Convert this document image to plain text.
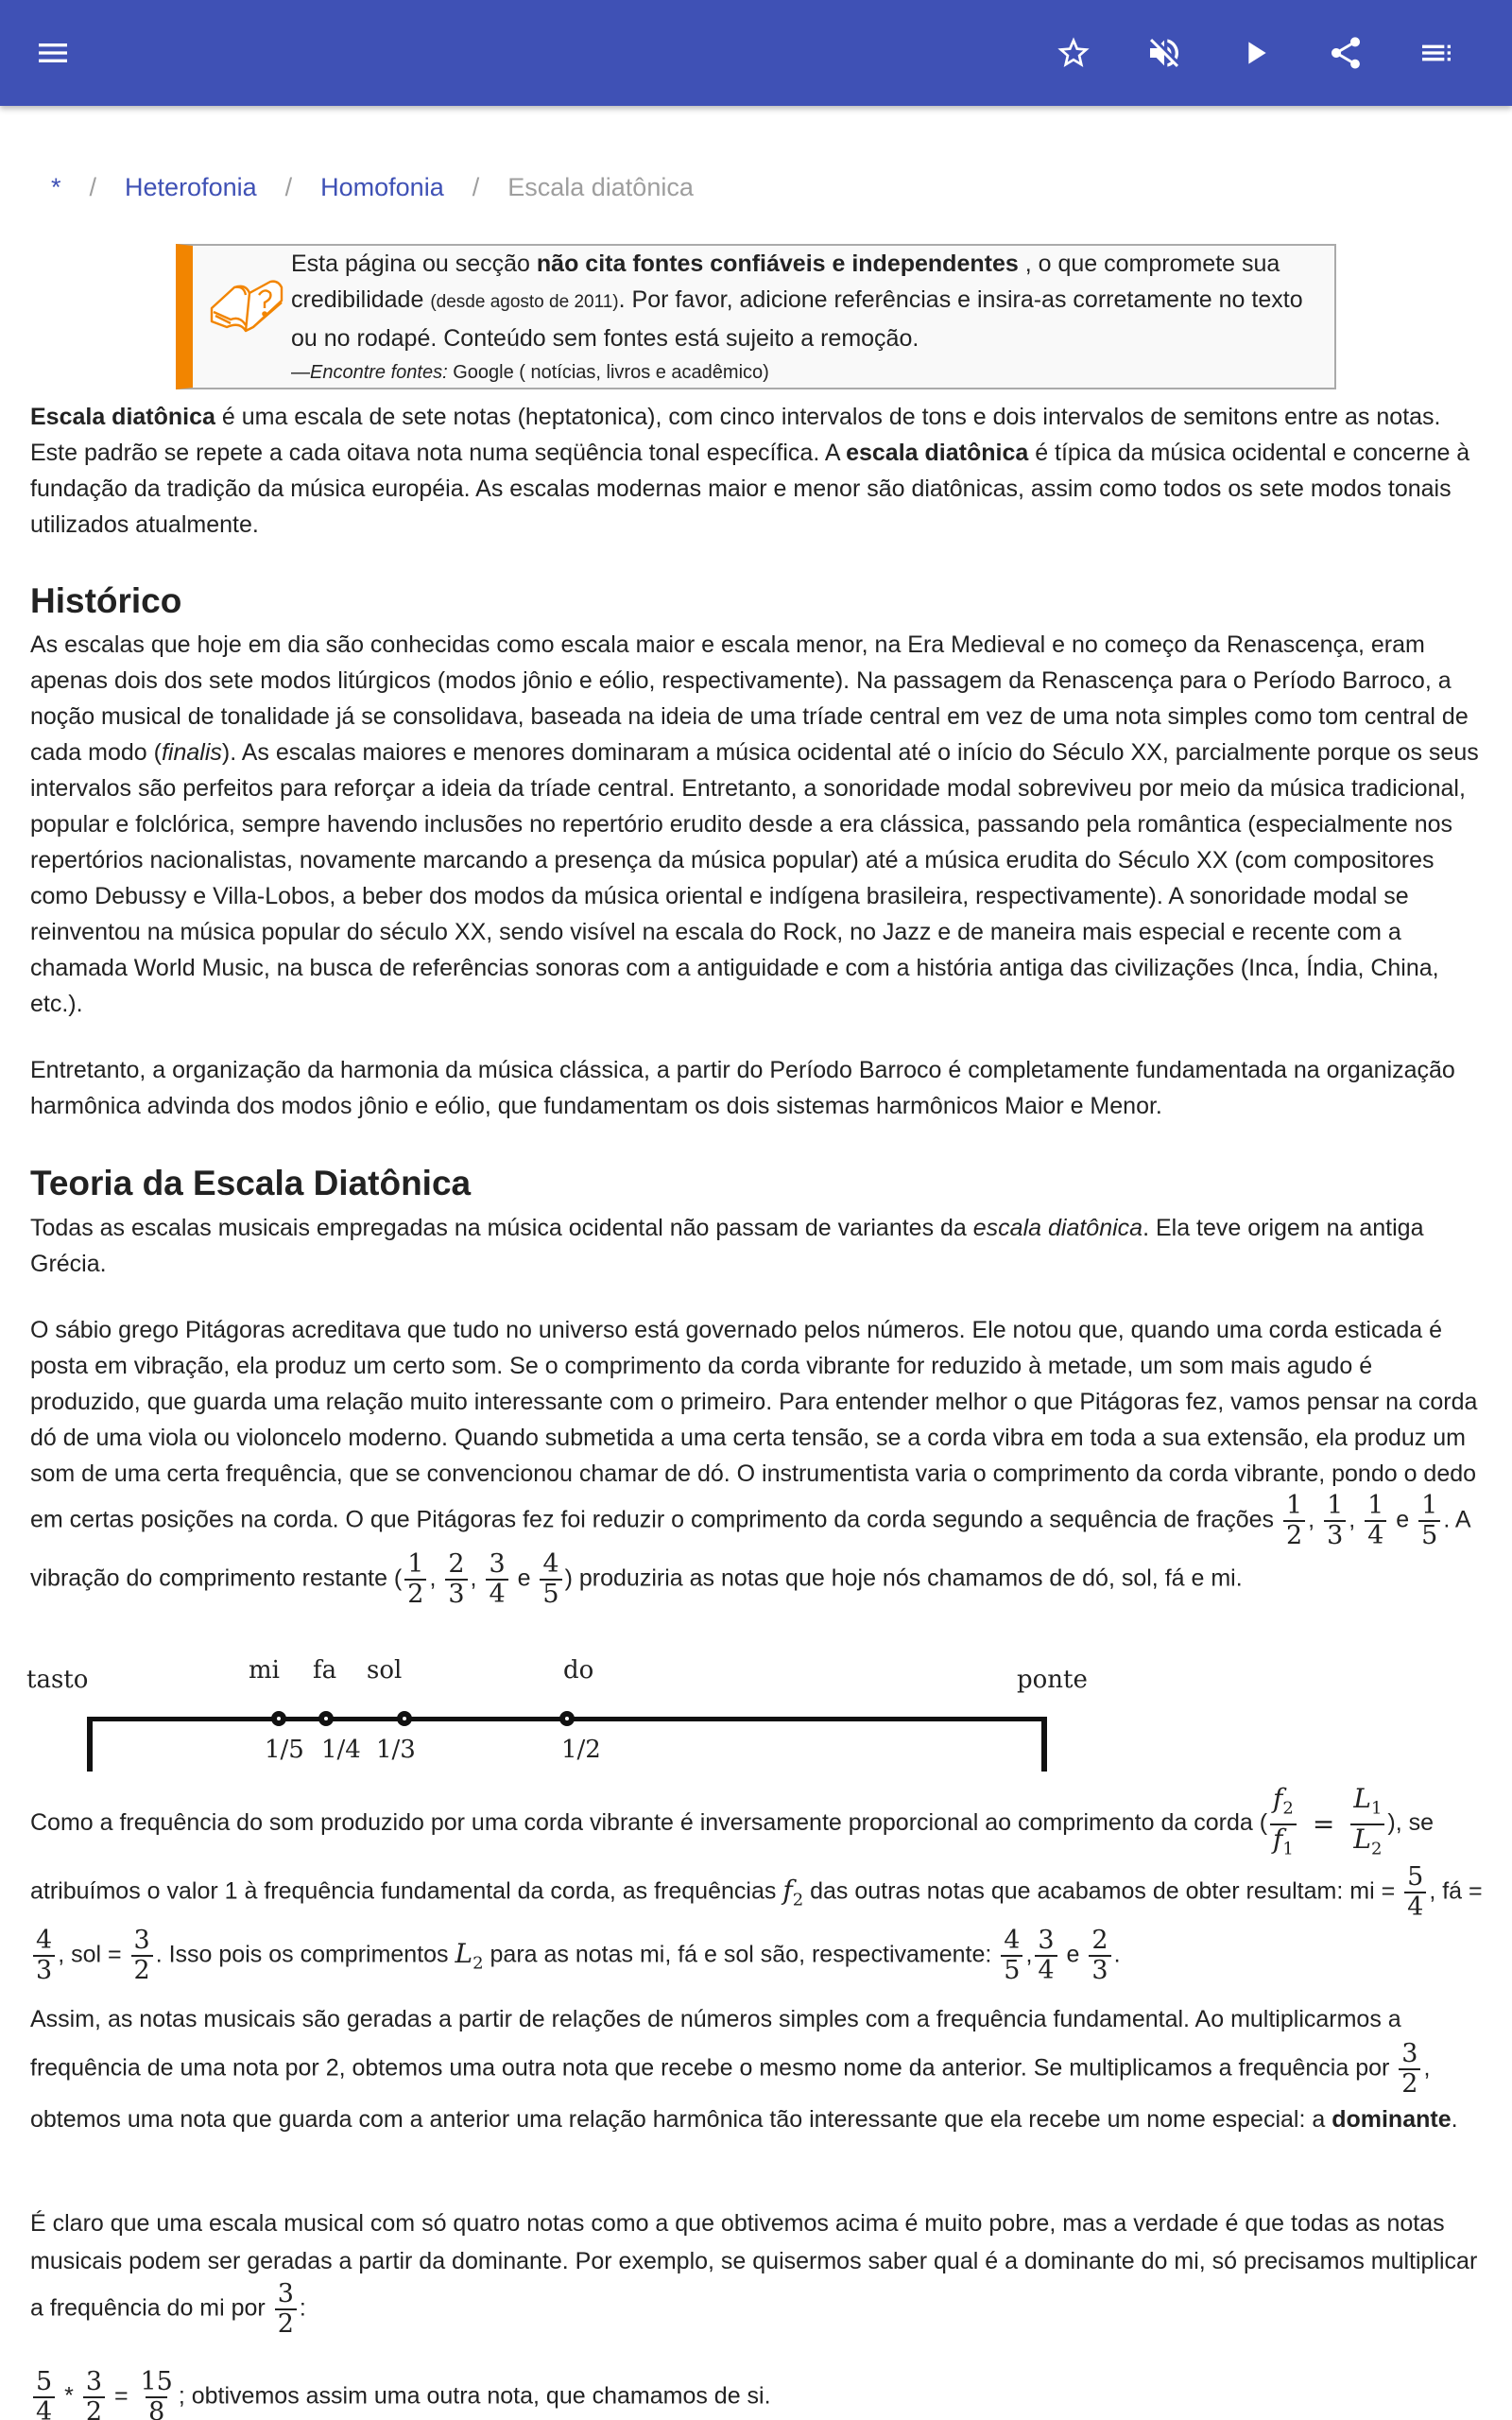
* / Heterofonia / Homofonia / Escala diatônica
Esta página ou secção não cita fontes confiáveis e independentes , o que compromete sua credibilidade (desde agosto de 2011). Por favor, adicione referências e insira-as corretamente no texto ou no rodapé. Conteúdo sem fontes está sujeito a remoção.
—Encontre fontes: Google ( notícias, livros e acadêmico)

Escala diatônica é uma escala de sete notas (heptatonica), com cinco intervalos de tons e dois intervalos de semitons entre as notas. Este padrão se repete a cada oitava nota numa seqüência tonal específica. A escala diatônica é típica da música ocidental e concerne à fundação da tradição da música européia. As escalas modernas maior e menor são diatônicas, assim como todos os sete modos tonais utilizados atualmente.

Histórico

As escalas que hoje em dia são conhecidas como escala maior e escala menor, na Era Medieval e no começo da Renascença, eram apenas dois dos sete modos litúrgicos (modos jônio e eólio, respectivamente). Na passagem da Renascença para o Período Barroco, a noção musical de tonalidade já se consolidava, baseada na ideia de uma tríade central em vez de uma nota simples como tom central de cada modo (finalis). As escalas maiores e menores dominaram a música ocidental até o início do Século XX, parcialmente porque os seus intervalos são perfeitos para reforçar a ideia da tríade central. Entretanto, a sonoridade modal sobreviveu por meio da música tradicional, popular e folclórica, sempre havendo inclusões no repertório erudito desde a era clássica, passando pela romântica (especialmente nos repertórios nacionalistas, novamente marcando a presença da música popular) até a música erudita do Século XX (com compositores como Debussy e Villa-Lobos, a beber dos modos da música oriental e indígena brasileira, respectivamente). A sonoridade modal se reinventou na música popular do século XX, sendo visível na escala do Rock, no Jazz e de maneira mais especial e recente com a chamada World Music, na busca de referências sonoras com a antiguidade e com a história antiga das civilizações (Inca, Índia, China, etc.).

Entretanto, a organização da harmonia da música clássica, a partir do Período Barroco é completamente fundamentada na organização harmônica advinda dos modos jônio e eólio, que fundamentam os dois sistemas harmônicos Maior e Menor.

Teoria da Escala Diatônica

Todas as escalas musicais empregadas na música ocidental não passam de variantes da escala diatônica. Ela teve origem na antiga Grécia.

O sábio grego Pitágoras acreditava que tudo no universo está governado pelos números. Ele notou que, quando uma corda esticada é posta em vibração, ela produz um certo som. Se o comprimento da corda vibrante for reduzido à metade, um som mais agudo é produzido, que guarda uma relação muito interessante com o primeiro. Para entender melhor o que Pitágoras fez, vamos pensar na corda dó de uma viola ou violoncelo moderno. Quando submetida a uma certa tensão, se a corda vibra em toda a sua extensão, ela produz um som de uma certa frequência, que se convencionou chamar de dó. O instrumentista varia o comprimento da corda vibrante, pondo o dedo em certas posições na corda. O que Pitágoras fez foi reduzir o comprimento da corda segundo a sequência de frações $\frac{1}{2}$ , $\frac{1}{3}$ , $\frac{1}{4}$ e $\frac{1}{5}$ . A vibração do comprimento restante ( $\frac{1}{2}$ , $\frac{2}{3}$ , $\frac{3}{4}$ e $\frac{4}{5}$ ) produziria as notas que hoje nós chamamos de dó, sol, fá e mi.

tasto	ponte
mi
1/5
fa
1/4
sol
1/3
do
1/2

Como a frequência do som produzido por uma corda vibrante é inversamente proporcional ao comprimento da corda ( $\frac{f_2}{f_1} = \frac{L_1}{L_2}$ ), se atribuímos o valor 1 à frequência fundamental da corda, as frequências $f_2$ das outras notas que acabamos de obter resultam: mi = $\frac{5}{4}$ , fá =
$\frac{4}{3}$ , sol = $\frac{3}{2}$ . Isso pois os comprimentos $L_2$ para as notas mi, fá e sol são, respectivamente: $\frac{4}{5}$ , $\frac{3}{4}$ e $\frac{2}{3}$ .

Assim, as notas musicais são geradas a partir de relações de números simples com a frequência fundamental. Ao multiplicarmos a frequência de uma nota por 2, obtemos uma outra nota que recebe o mesmo nome da anterior. Se multiplicamos a frequência por $\frac{3}{2}$ , obtemos uma nota que guarda com a anterior uma relação harmônica tão interessante que ela recebe um nome especial: a dominante.

É claro que uma escala musical com só quatro notas como a que obtivemos acima é muito pobre, mas a verdade é que todas as notas musicais podem ser geradas a partir da dominante. Por exemplo, se quisermos saber qual é a dominante do mi, só precisamos multiplicar a frequência do mi por $\frac{3}{2}$ :

$\frac{5}{4} * \frac{3}{2} = \frac{15}{8}$ ; obtivemos assim uma outra nota, que chamamos de si.
